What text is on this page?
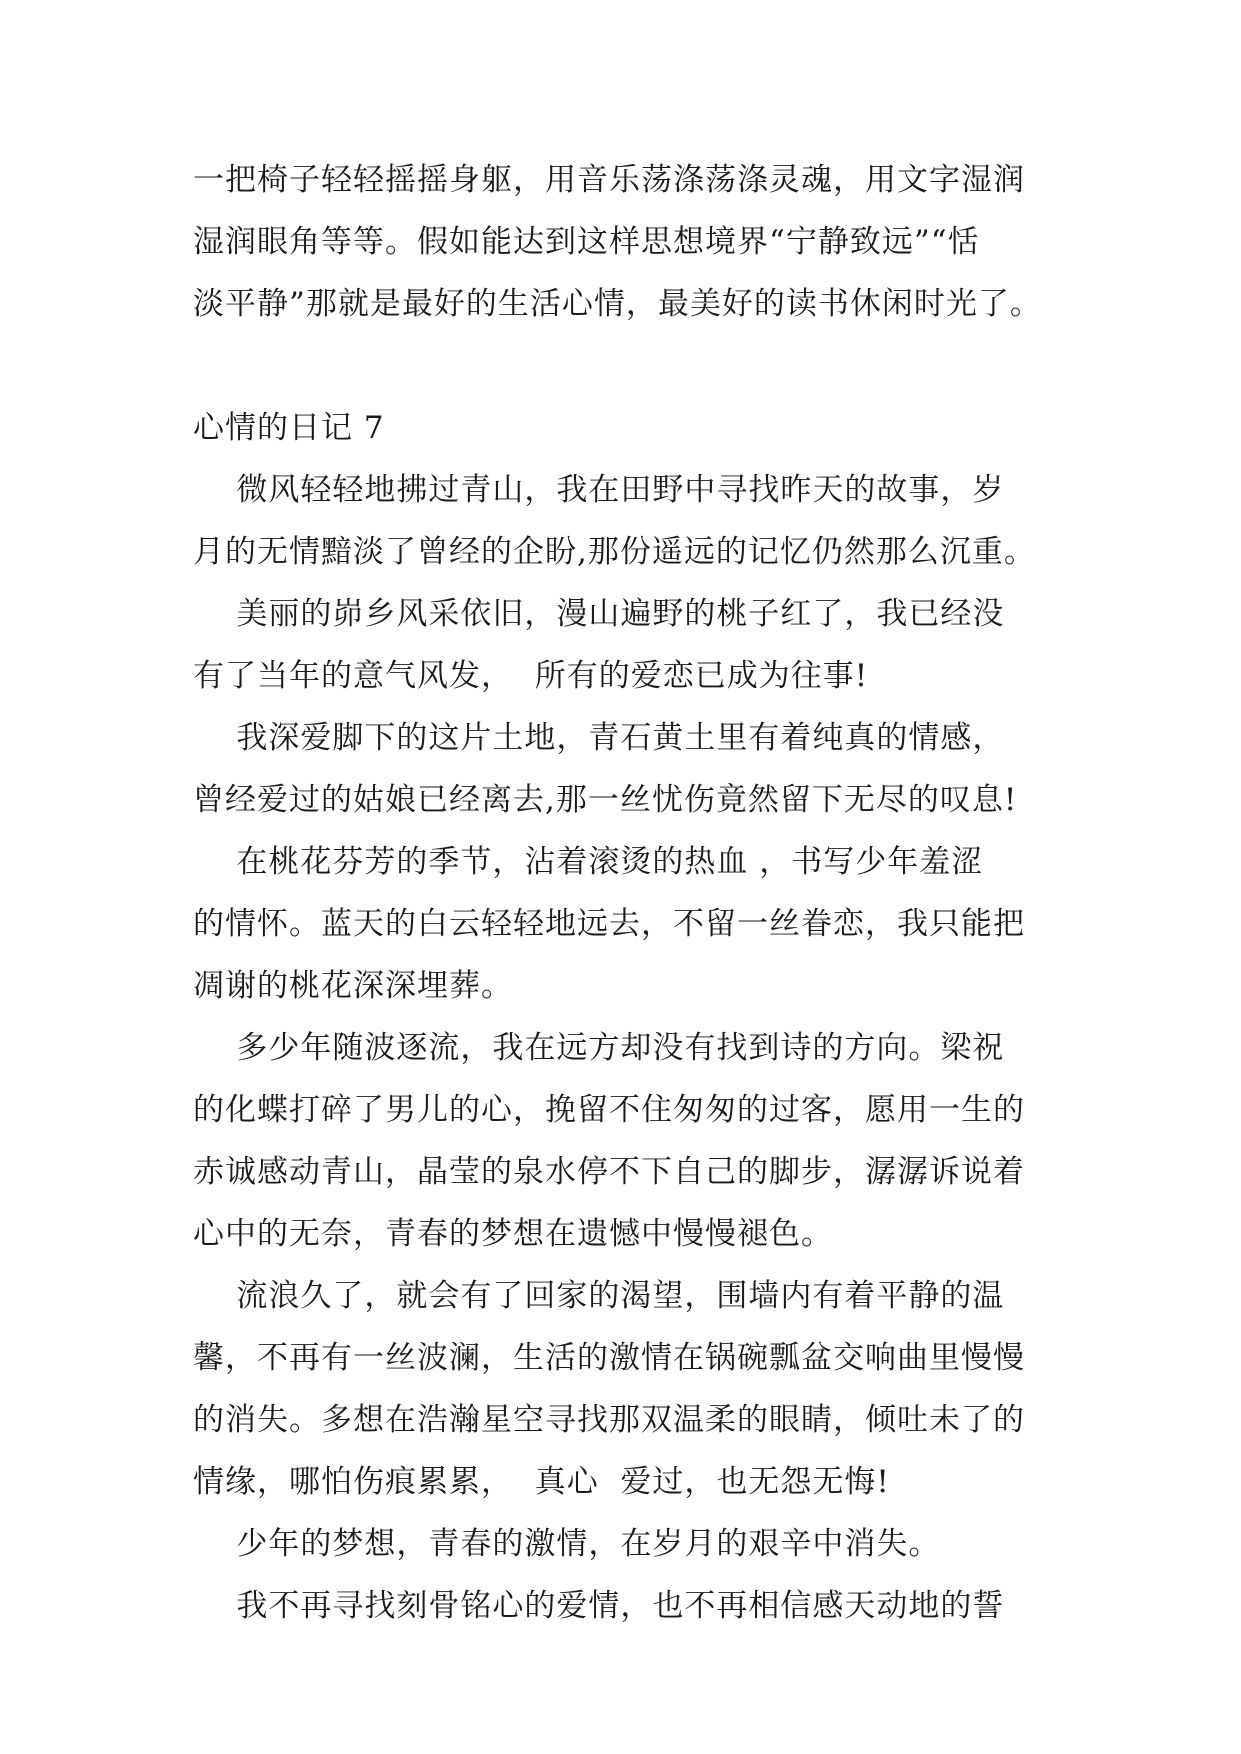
一把椅子轻轻摇摇身躯，用音乐荡涤荡涤灵魂，用文字湿润
湿润眼角等等。假如能达到这样思想境界“宁静致远”“恬
淡平静”那就是最好的生活心情，最美好的读书休闲时光了。
心情的日记 7
微风轻轻地拂过青山，我在田野中寻找昨天的故事，岁
月的无情黯淡了曾经的企盼,那份遥远的记忆仍然那么沉重。
美丽的峁乡风采依旧，漫山遍野的桃子红了，我已经没
有了当年的意气风发，  所有的爱恋已成为往事!
我深爱脚下的这片土地，青石黄土里有着纯真的情感，
曾经爱过的姑娘已经离去,那一丝忧伤竟然留下无尽的叹息!
在桃花芬芳的季节，沾着滚烫的热血 ，书写少年羞涩
的情怀。蓝天的白云轻轻地远去，不留一丝眷恋，我只能把
凋谢的桃花深深埋葬。
多少年随波逐流，我在远方却没有找到诗的方向。梁祝
的化蝶打碎了男儿的心，挽留不住匆匆的过客，愿用一生的
赤诚感动青山，晶莹的泉水停不下自己的脚步，潺潺诉说着
心中的无奈，青春的梦想在遗憾中慢慢褪色。
流浪久了，就会有了回家的渴望，围墙内有着平静的温
馨，不再有一丝波澜，生活的激情在锅碗瓢盆交响曲里慢慢
的消失。多想在浩瀚星空寻找那双温柔的眼睛，倾吐未了的
情缘，哪怕伤痕累累，  真心  爱过，也无怨无悔!
少年的梦想，青春的激情，在岁月的艰辛中消失。
我不再寻找刻骨铭心的爱情，也不再相信感天动地的誓
